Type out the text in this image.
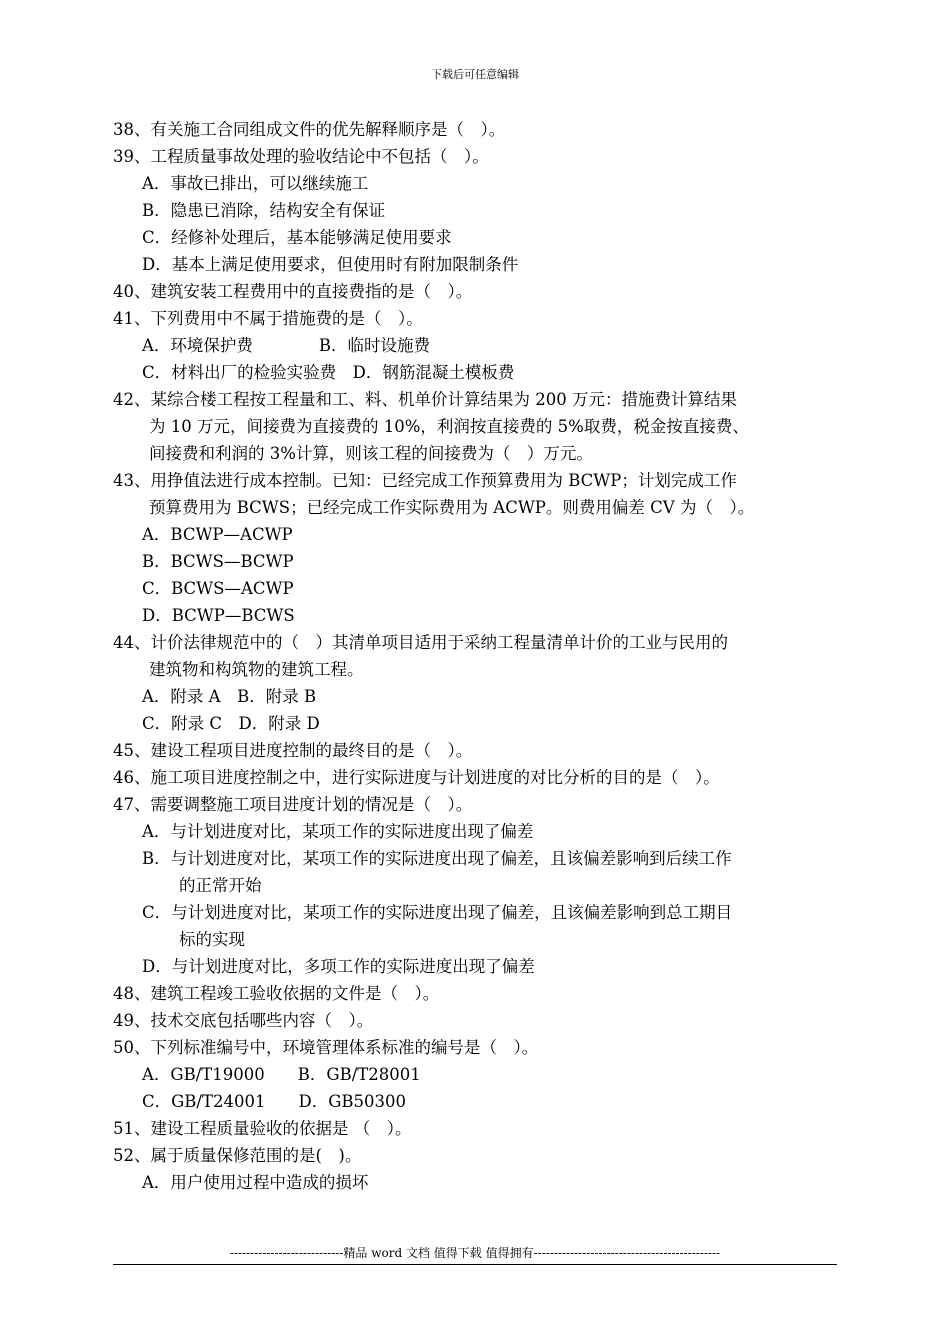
下载后可任意编辑
38、有关施工合同组成文件的优先解释顺序是（　）。
39、工程质量事故处理的验收结论中不包括（　）。
A．事故已排出，可以继续施工
B．隐患已消除，结构安全有保证
C．经修补处理后，基本能够满足使用要求
D．基本上满足使用要求，但使用时有附加限制条件
40、建筑安装工程费用中的直接费指的是（　）。
41、下列费用中不属于措施费的是（　）。
A．环境保护费　　　　B．临时设施费
C．材料出厂的检验实验费　D．钢筋混凝土模板费
42、某综合楼工程按工程量和工、料、机单价计算结果为 200 万元：措施费计算结果
为 10 万元，间接费为直接费的 10%，利润按直接费的 5%取费，税金按直接费、
间接费和利润的 3%计算，则该工程的间接费为（　）万元。
43、用挣值法进行成本控制。已知：已经完成工作预算费用为 BCWP；计划完成工作
预算费用为 BCWS；已经完成工作实际费用为 ACWP。则费用偏差 CV 为（　）。
A．BCWP—ACWP
B．BCWS—BCWP
C．BCWS—ACWP
D．BCWP—BCWS
44、计价法律规范中的（　）其清单项目适用于采纳工程量清单计价的工业与民用的
建筑物和构筑物的建筑工程。
A．附录 A　B．附录 B
C．附录 C　D．附录 D
45、建设工程项目进度控制的最终目的是（　）。
46、施工项目进度控制之中，进行实际进度与计划进度的对比分析的目的是（　）。
47、需要调整施工项目进度计划的情况是（　）。
A．与计划进度对比，某项工作的实际进度出现了偏差
B．与计划进度对比，某项工作的实际进度出现了偏差，且该偏差影响到后续工作
的正常开始
C．与计划进度对比，某项工作的实际进度出现了偏差，且该偏差影响到总工期目
标的实现
D．与计划进度对比，多项工作的实际进度出现了偏差
48、建筑工程竣工验收依据的文件是（　）。
49、技术交底包括哪些内容（　）。
50、下列标准编号中，环境管理体系标准的编号是（　）。
A．GB/T19000　　B．GB/T28001
C．GB/T24001　　D．GB50300
51、建设工程质量验收的依据是 （　）。
52、属于质量保修范围的是(　)。
A．用户使用过程中造成的损坏
----------------------------精品 word 文档 值得下载 值得拥有----------------------------------------------
